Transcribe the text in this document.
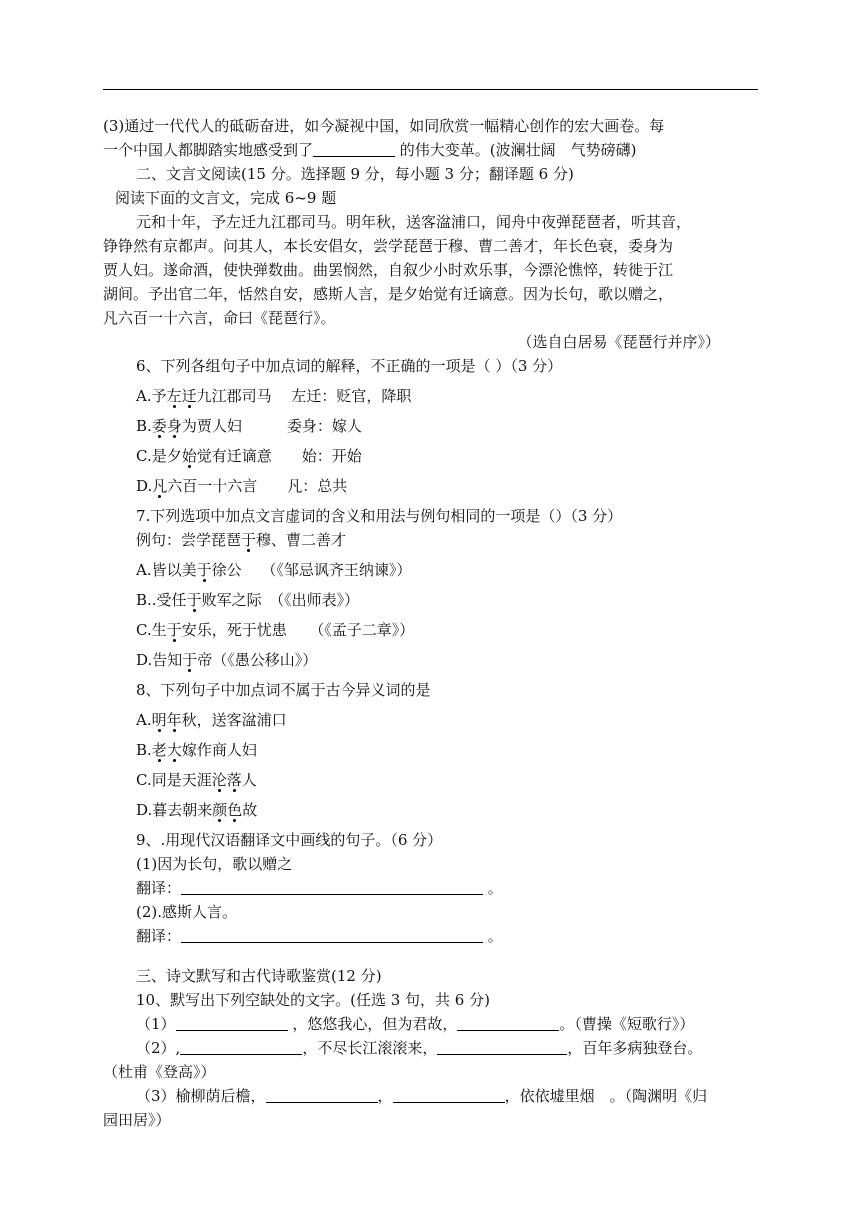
(3)通过一代代人的砥砺奋进，如今凝视中国，如同欣赏一幅精心创作的宏大画卷。每
一个中国人都脚踏实地感受到了	的伟大变革。(波澜壮阔　气势磅礴)
二、文言文阅读(15 分。选择题 9 分，每小题 3 分；翻译题 6 分)
阅读下面的文言文，完成 6~9 题
元和十年，予左迁九江郡司马。明年秋，送客湓浦口，闻舟中夜弹琵琶者，听其音，
铮铮然有京都声。问其人，本长安倡女，尝学琵琶于穆、曹二善才，年长色衰，委身为
贾人妇。遂命酒，使快弹数曲。曲罢悯然，自叙少小时欢乐事，今漂沦憔悴，转徙于江
湖间。予出官二年，恬然自安，感斯人言，是夕始觉有迁谪意。因为长句，歌以赠之，
凡六百一十六言，命曰《琵琶行》。
（选自白居易《琵琶行并序》）
6、下列各组句子中加点词的解释，不正确的一项是（ ）（3 分）
A.予左迁九江郡司马　 左迁：贬官，降职
B.委身为贾人妇　　　委身：嫁人
C.是夕始觉有迁谪意　　始：开始
D.凡六百一十六言　　凡：总共
7.下列选项中加点文言虚词的含义和用法与例句相同的一项是（）（3 分）
例句：尝学琵琶于穆、曹二善才
A.皆以美于徐公　 （《邹忌讽齐王纳谏》）
B..受任于败军之际　（《出师表》）
C.生于安乐，死于忧患　　（《孟子二章》）
D.告知于帝（《愚公移山》）
8、下列句子中加点词不属于古今异义词的是
A.明年秋，送客湓浦口
B.老大嫁作商人妇
C.同是天涯沦落人
D.暮去朝来颜色故
9、.用现代汉语翻译文中画线的句子。（6 分）
(1)因为长句，歌以赠之
翻译：	。
(2).感斯人言。
翻译：	。
三、诗文默写和古代诗歌鉴赏(12 分)
10、默写出下列空缺处的文字。(任选 3 句，共 6 分)
（1）	，悠悠我心，但为君故，	。（曹操《短歌行》）
（2）,	，不尽长江滚滚来，	，百年多病独登台。
（杜甫《登高》）
（3）榆柳荫后檐，	，	，依依墟里烟　。（陶渊明《归
园田居》）
